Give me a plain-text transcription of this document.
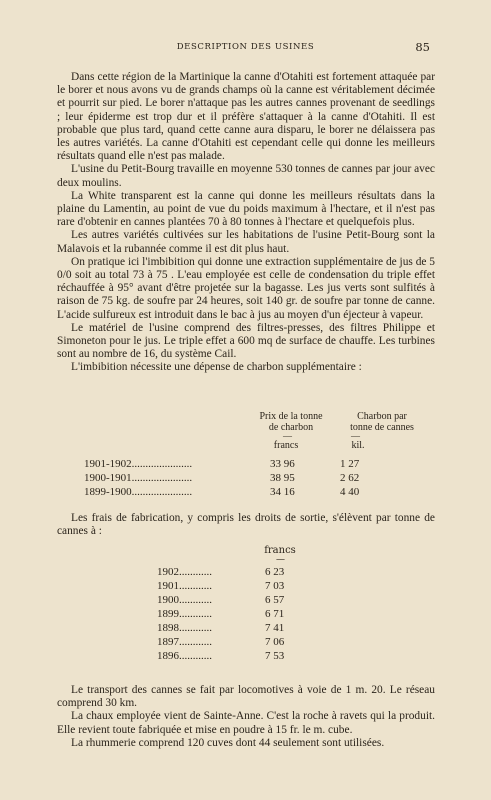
DESCRIPTION DES USINES	85

Dans cette région de la Martinique la canne d'Otahiti est fortement attaquée par le borer et nous avons vu de grands champs où la canne est véritablement décimée et pourrit sur pied. Le borer n'attaque pas les autres cannes provenant de seedlings ; leur épiderme est trop dur et il préfère s'attaquer à la canne d'Otahiti. Il est probable que plus tard, quand cette canne aura disparu, le borer ne délaissera pas les autres variétés. La canne d'Otahiti est cependant celle qui donne les meilleurs résultats quand elle n'est pas malade.

L'usine du Petit-Bourg travaille en moyenne 530 tonnes de cannes par jour avec deux moulins.

La White transparent est la canne qui donne les meilleurs résultats dans la plaine du Lamentin, au point de vue du poids maximum à l'hectare, et il n'est pas rare d'obtenir en cannes plantées 70 à 80 tonnes à l'hectare et quelquefois plus.

Les autres variétés cultivées sur les habitations de l'usine Petit-Bourg sont la Malavois et la rubannée comme il est dit plus haut.

On pratique ici l'imbibition qui donne une extraction supplémentaire de jus de 5 0/0 soit au total 73 à 75 . L'eau employée est celle de condensation du triple effet réchauffée à 95° avant d'être projetée sur la bagasse. Les jus verts sont sulfités à raison de 75 kg. de soufre par 24 heures, soit 140 gr. de soufre par tonne de canne. L'acide sulfureux est introduit dans le bac à jus au moyen d'un éjecteur à vapeur.

Le matériel de l'usine comprend des filtres-presses, des filtres Philippe et Simoneton pour le jus. Le triple effet a 600 mq de surface de chauffe. Les turbines sont au nombre de 16, du système Cail.

L'imbibition nécessite une dépense de charbon supplémentaire :

Prix de la tonne
de charbon
Charbon par
tonne de cannes
francs	kil.
—	—
1901-1902......................	33 96	1 27
1900-1901......................	38 95	2 62
1899-1900......................	34 16	4 40

Les frais de fabrication, y compris les droits de sortie, s'élèvent par tonne de cannes à :

francs
—
1902............	6 23
1901............	7 03
1900............	6 57
1899............	6 71
1898............	7 41
1897............	7 06
1896............	7 53

Le transport des cannes se fait par locomotives à voie de 1 m. 20. Le réseau comprend 30 km.

La chaux employée vient de Sainte-Anne. C'est la roche à ravets qui la produit. Elle revient toute fabriquée et mise en poudre à 15 fr. le m. cube.

La rhummerie comprend 120 cuves dont 44 seulement sont utilisées.
